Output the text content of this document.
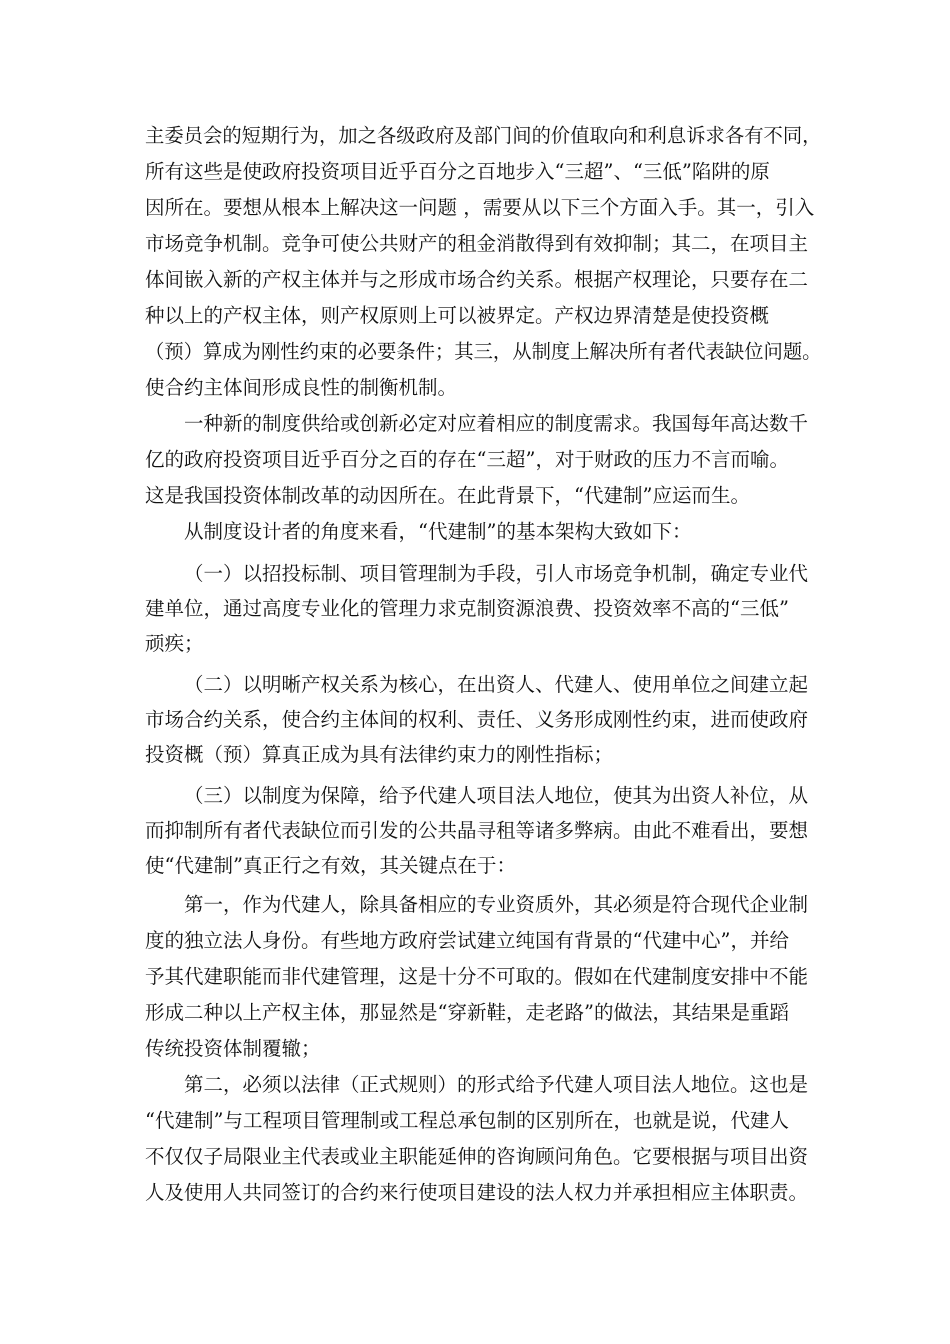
主委员会的短期行为，加之各级政府及部门间的价值取向和利息诉求各有不同，

所有这些是使政府投资项目近乎百分之百地步入“三超”、“三低”陷阱的原

因所在。要想从根本上解决这一问题 ，需要从以下三个方面入手。其一，引入

市场竞争机制。竞争可使公共财产的租金消散得到有效抑制；其二，在项目主

体间嵌入新的产权主体并与之形成市场合约关系。根据产权理论，只要存在二

种以上的产权主体，则产权原则上可以被界定。产权边界清楚是使投资概

（预）算成为刚性约束的必要条件；其三，从制度上解决所有者代表缺位问题。

使合约主体间形成良性的制衡机制。

一种新的制度供给或创新必定对应着相应的制度需求。我国每年高达数千

亿的政府投资项目近乎百分之百的存在“三超”，对于财政的压力不言而喻。

这是我国投资体制改革的动因所在。在此背景下，“代建制”应运而生。

从制度设计者的角度来看，“代建制”的基本架构大致如下：

（一）以招投标制、项目管理制为手段，引人市场竞争机制，确定专业代

建单位，通过高度专业化的管理力求克制资源浪费、投资效率不高的“三低”

顽疾；

（二）以明晰产权关系为核心，在出资人、代建人、使用单位之间建立起

市场合约关系，使合约主体间的权利、责任、义务形成刚性约束，进而使政府

投资概（预）算真正成为具有法律约束力的刚性指标；

（三）以制度为保障，给予代建人项目法人地位，使其为出资人补位，从

而抑制所有者代表缺位而引发的公共晶寻租等诸多弊病。由此不难看出，要想

使“代建制”真正行之有效，其关键点在于：

第一，作为代建人，除具备相应的专业资质外，其必须是符合现代企业制

度的独立法人身份。有些地方政府尝试建立纯国有背景的“代建中心”，并给

予其代建职能而非代建管理，这是十分不可取的。假如在代建制度安排中不能

形成二种以上产权主体，那显然是“穿新鞋，走老路”的做法，其结果是重蹈

传统投资体制覆辙；

第二，必须以法律（正式规则）的形式给予代建人项目法人地位。这也是

“代建制”与工程项目管理制或工程总承包制的区别所在，也就是说，代建人

不仅仅子局限业主代表或业主职能延伸的咨询顾问角色。它要根据与项目出资

人及使用人共同签订的合约来行使项目建设的法人权力并承担相应主体职责。
